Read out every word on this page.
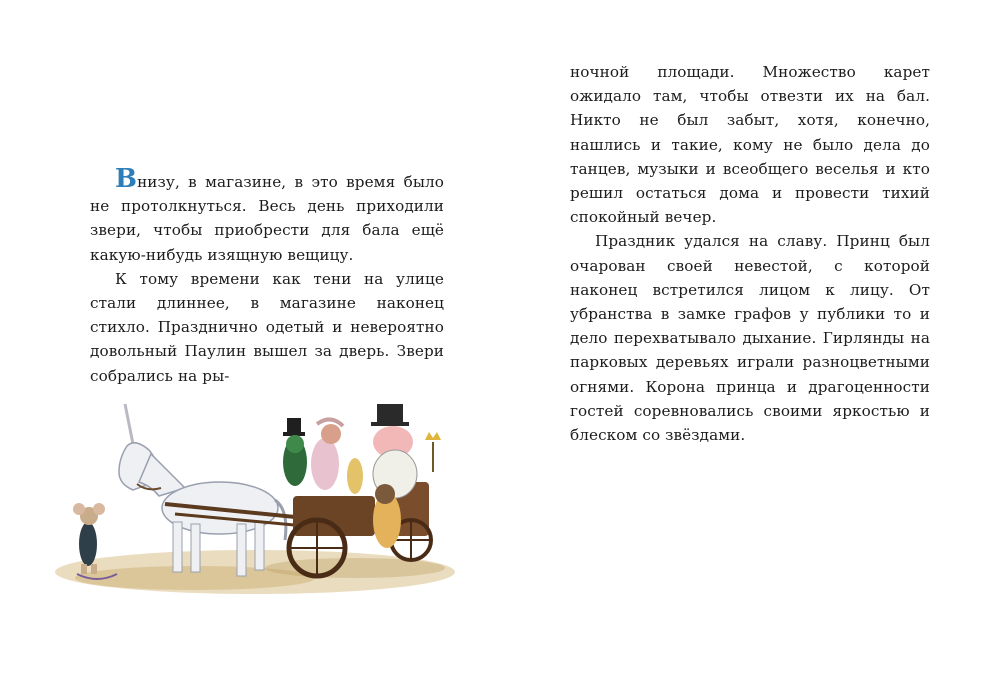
Внизу, в магазине, в это время было не протолкнуться. Весь день приходили звери, чтобы приобрести для бала ещё какую-нибудь изящную вещицу.

К тому времени как тени на улице стали длиннее, в магазине наконец стихло. Празднично одетый и невероятно довольный Паулин вышел за дверь. Звери собрались на ры-

ночной площади. Множество карет ожидало там, чтобы отвезти их на бал. Никто не был забыт, хотя, конечно, нашлись и такие, кому не было дела до танцев, музыки и всеобщего веселья и кто решил остаться дома и провести тихий спокойный вечер.

Праздник удался на славу. Принц был очарован своей невестой, с которой наконец встретился лицом к лицу. От убранства в замке графов у публики то и дело перехватывало дыхание. Гирлянды на парковых деревьях играли разноцветными огнями. Корона принца и драгоценности гостей соревновались своими яркостью и блеском со звёздами.
